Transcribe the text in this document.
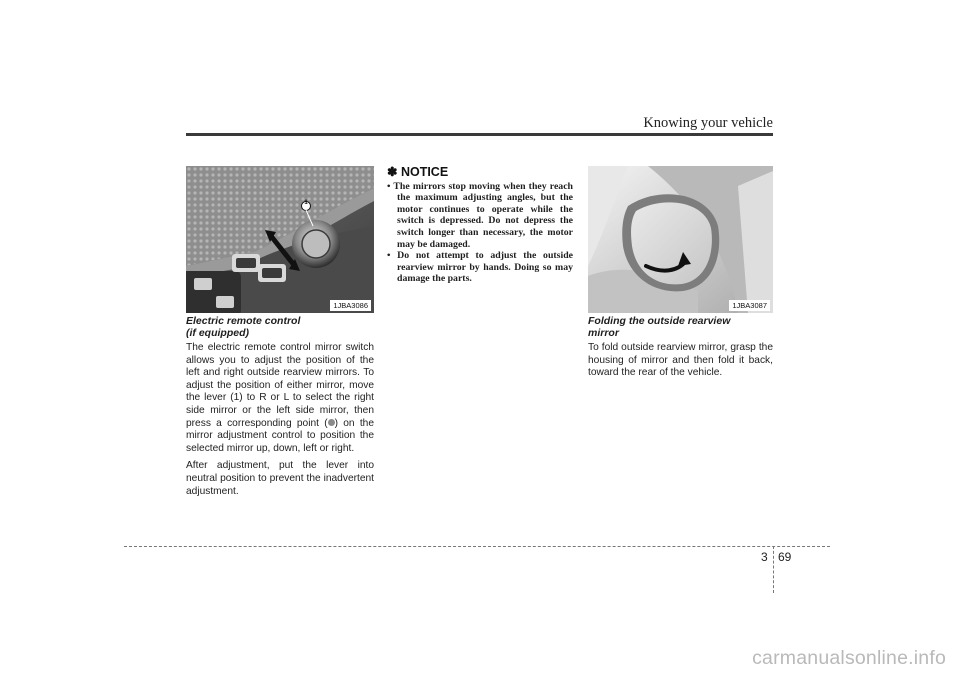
Knowing your vehicle
1
1JBA3086	1JBA3087
Electric remote control
(if equipped)

The electric remote control mirror switch allows you to adjust the position of the left and right outside rearview mirrors. To adjust the position of either mirror, move the lever (1) to R or L to select the right side mirror or the left side mirror, then press a corresponding point ( ) on the mirror adjustment control to position the selected mirror up, down, left or right.

After adjustment, put the lever into neutral position to prevent the inadvertent adjustment.

✽ NOTICE
• The mirrors stop moving when they reach the maximum adjusting angles, but the motor continues to operate while the switch is depressed. Do not depress the switch longer than necessary, the motor may be damaged.
• Do not attempt to adjust the outside rearview mirror by hands. Doing so may damage the parts.
Folding the outside rearview
mirror

To fold outside rearview mirror, grasp the housing of mirror and then fold it back, toward the rear of the vehicle.

3 69
carmanualsonline.info
